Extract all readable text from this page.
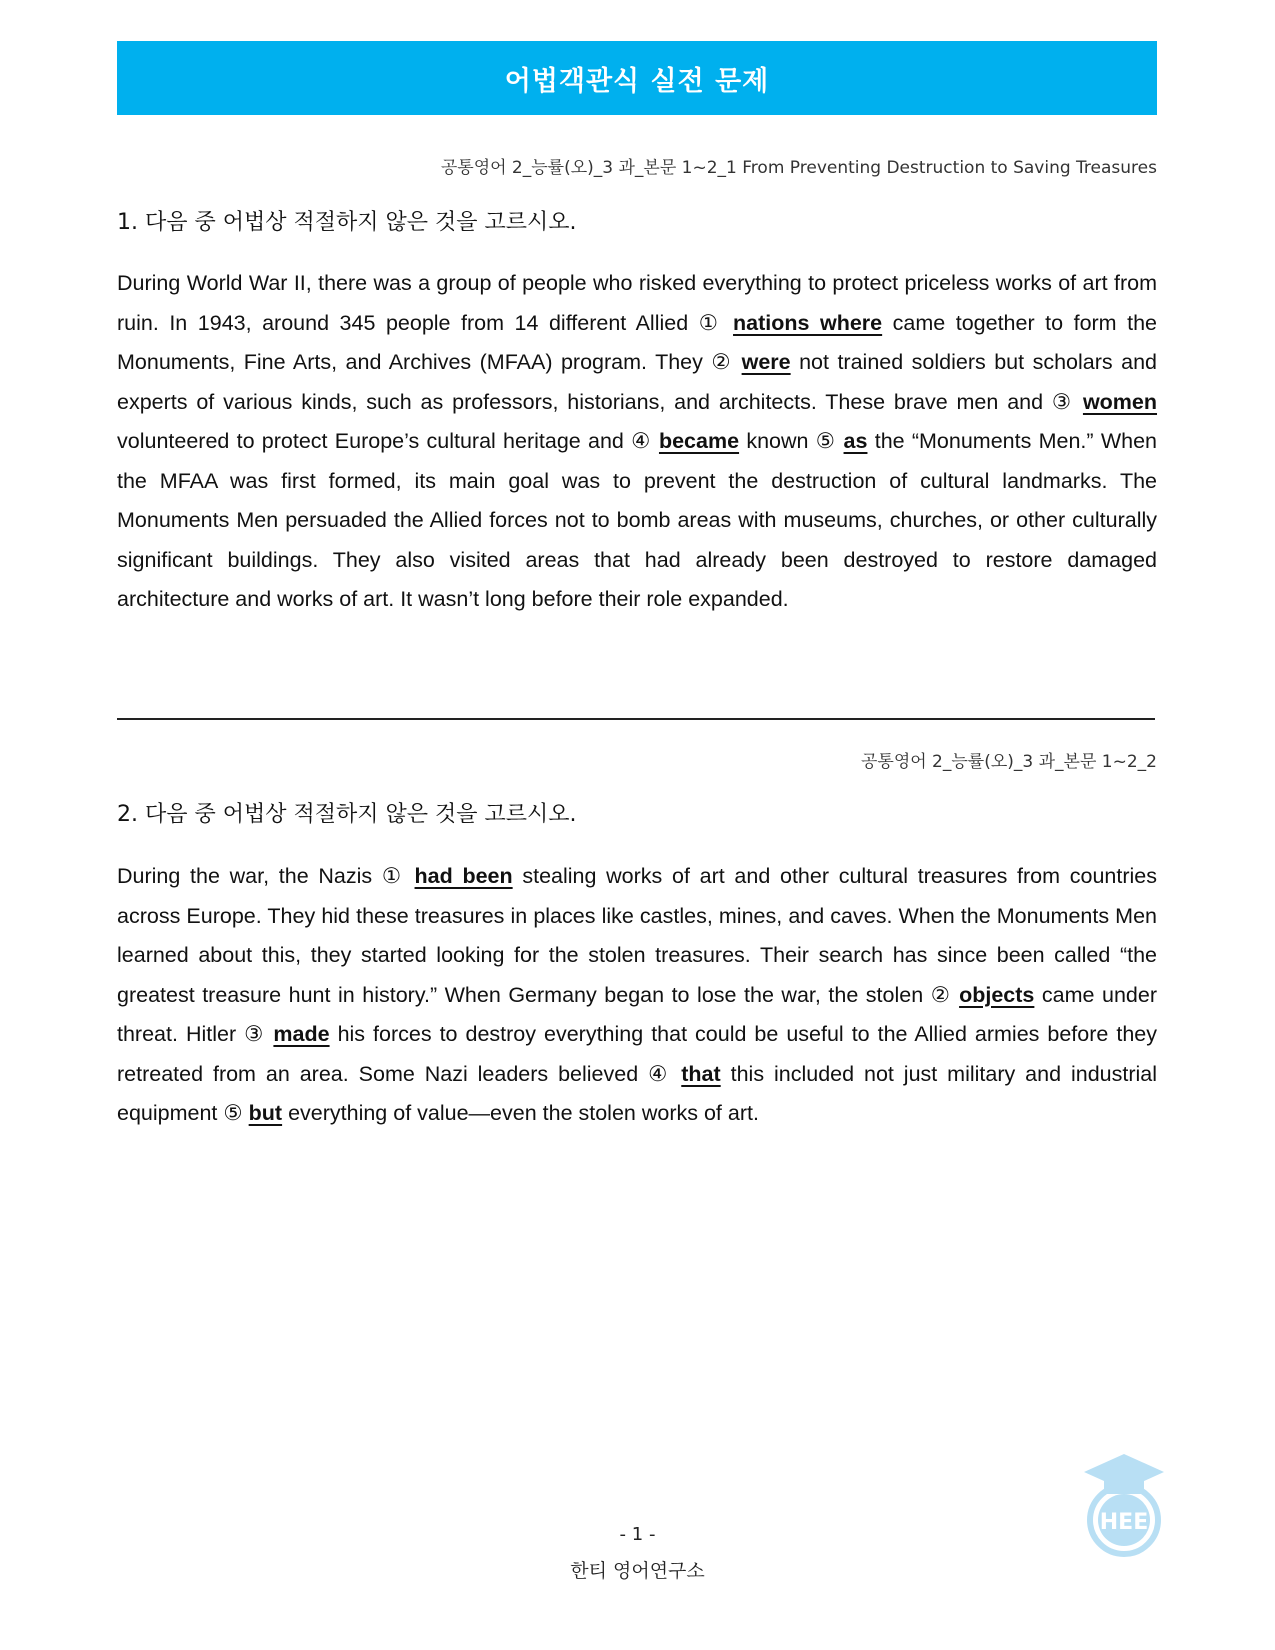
어법객관식 실전 문제
공통영어 2_능률(오)_3 과_본문 1~2_1 From Preventing Destruction to Saving Treasures
1. 다음 중 어법상 적절하지 않은 것을 고르시오.
During World War II, there was a group of people who risked everything to protect priceless works of art from ruin. In 1943, around 345 people from 14 different Allied ① nations where came together to form the Monuments, Fine Arts, and Archives (MFAA) program. They ② were not trained soldiers but scholars and experts of various kinds, such as professors, historians, and architects. These brave men and ③ women volunteered to protect Europe’s cultural heritage and ④ became known ⑤ as the “Monuments Men.” When the MFAA was first formed, its main goal was to prevent the destruction of cultural landmarks. The Monuments Men persuaded the Allied forces not to bomb areas with museums, churches, or other culturally significant buildings. They also visited areas that had already been destroyed to restore damaged architecture and works of art. It wasn’t long before their role expanded.
공통영어 2_능률(오)_3 과_본문 1~2_2
2. 다음 중 어법상 적절하지 않은 것을 고르시오.
During the war, the Nazis ① had been stealing works of art and other cultural treasures from countries across Europe. They hid these treasures in places like castles, mines, and caves. When the Monuments Men learned about this, they started looking for the stolen treasures. Their search has since been called “the greatest treasure hunt in history.” When Germany began to lose the war, the stolen ② objects came under threat. Hitler ③ made his forces to destroy everything that could be useful to the Allied armies before they retreated from an area. Some Nazi leaders believed ④ that this included not just military and industrial equipment ⑤ but everything of value—even the stolen works of art.
HEE
- 1 -
한티 영어연구소
